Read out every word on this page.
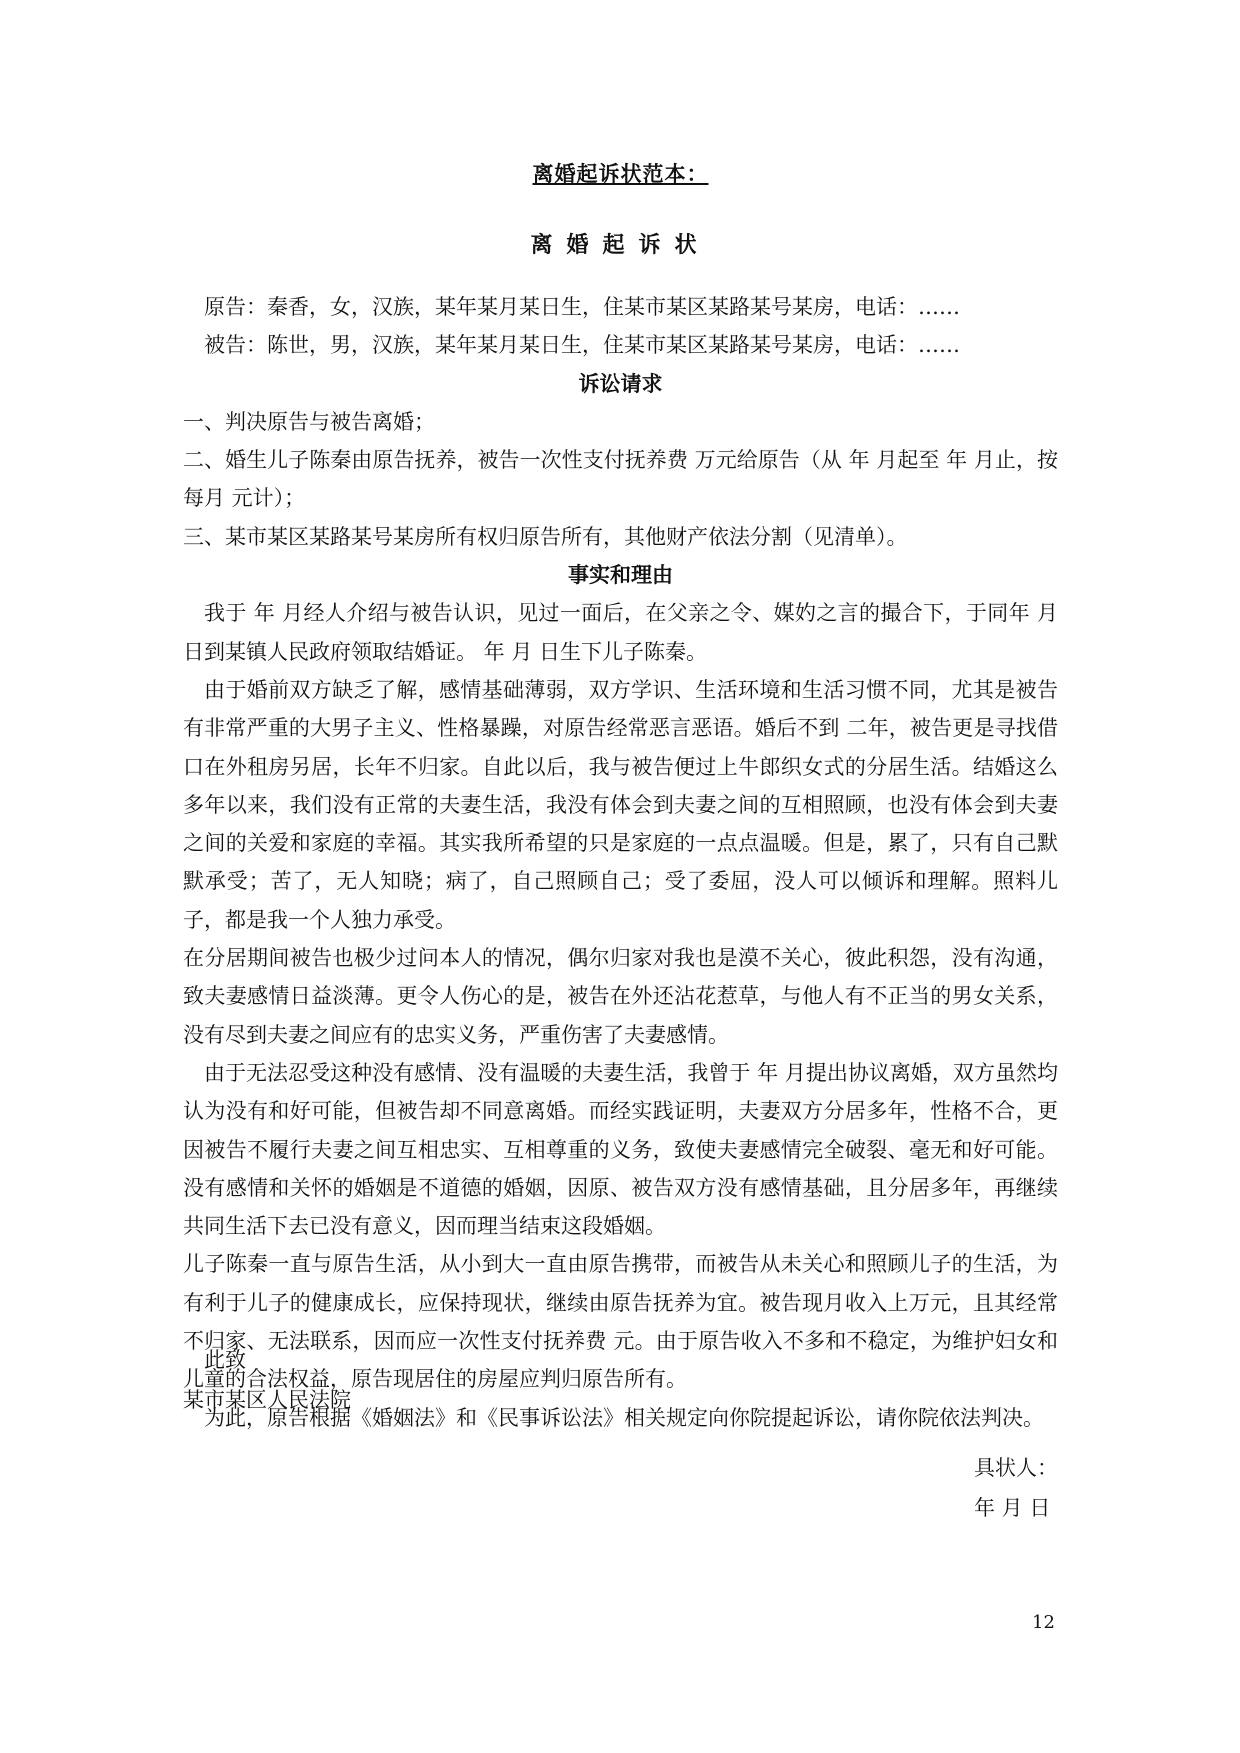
离婚起诉状范本：
离婚起诉状

原告：秦香，女，汉族，某年某月某日生，住某市某区某路某号某房，电话：……

被告：陈世，男，汉族，某年某月某日生，住某市某区某路某号某房，电话：……

诉讼请求

一、判决原告与被告离婚；

二、婚生儿子陈秦由原告抚养，被告一次性支付抚养费 万元给原告（从 年 月起至 年 月止，按每月 元计）；

三、某市某区某路某号某房所有权归原告所有，其他财产依法分割（见清单）。

事实和理由

我于 年 月经人介绍与被告认识，见过一面后，在父亲之令、媒妁之言的撮合下，于同年 月 日到某镇人民政府领取结婚证。 年 月 日生下儿子陈秦。

由于婚前双方缺乏了解，感情基础薄弱，双方学识、生活环境和生活习惯不同，尤其是被告有非常严重的大男子主义、性格暴躁，对原告经常恶言恶语。婚后不到 二年，被告更是寻找借口在外租房另居，长年不归家。自此以后，我与被告便过上牛郎织女式的分居生活。结婚这么多年以来，我们没有正常的夫妻生活，我没有体会到夫妻之间的互相照顾，也没有体会到夫妻之间的关爱和家庭的幸福。其实我所希望的只是家庭的一点点温暖。但是，累了，只有自己默默承受；苦了，无人知晓；病了，自己照顾自己；受了委屈，没人可以倾诉和理解。照料儿子，都是我一个人独力承受。

在分居期间被告也极少过问本人的情况，偶尔归家对我也是漠不关心，彼此积怨，没有沟通，致夫妻感情日益淡薄。更令人伤心的是，被告在外还沾花惹草，与他人有不正当的男女关系，没有尽到夫妻之间应有的忠实义务，严重伤害了夫妻感情。

由于无法忍受这种没有感情、没有温暖的夫妻生活，我曾于 年 月提出协议离婚，双方虽然均认为没有和好可能，但被告却不同意离婚。而经实践证明，夫妻双方分居多年，性格不合，更因被告不履行夫妻之间互相忠实、互相尊重的义务，致使夫妻感情完全破裂、毫无和好可能。没有感情和关怀的婚姻是不道德的婚姻，因原、被告双方没有感情基础，且分居多年，再继续共同生活下去已没有意义，因而理当结束这段婚姻。

儿子陈秦一直与原告生活，从小到大一直由原告携带，而被告从未关心和照顾儿子的生活，为有利于儿子的健康成长，应保持现状，继续由原告抚养为宜。被告现月收入上万元，且其经常不归家、无法联系，因而应一次性支付抚养费 元。由于原告收入不多和不稳定，为维护妇女和儿童的合法权益，原告现居住的房屋应判归原告所有。

为此，原告根据《婚姻法》和《民事诉讼法》相关规定向你院提起诉讼，请你院依法判决。

此致

某市某区人民法院

具状人：

年 月 日

12
